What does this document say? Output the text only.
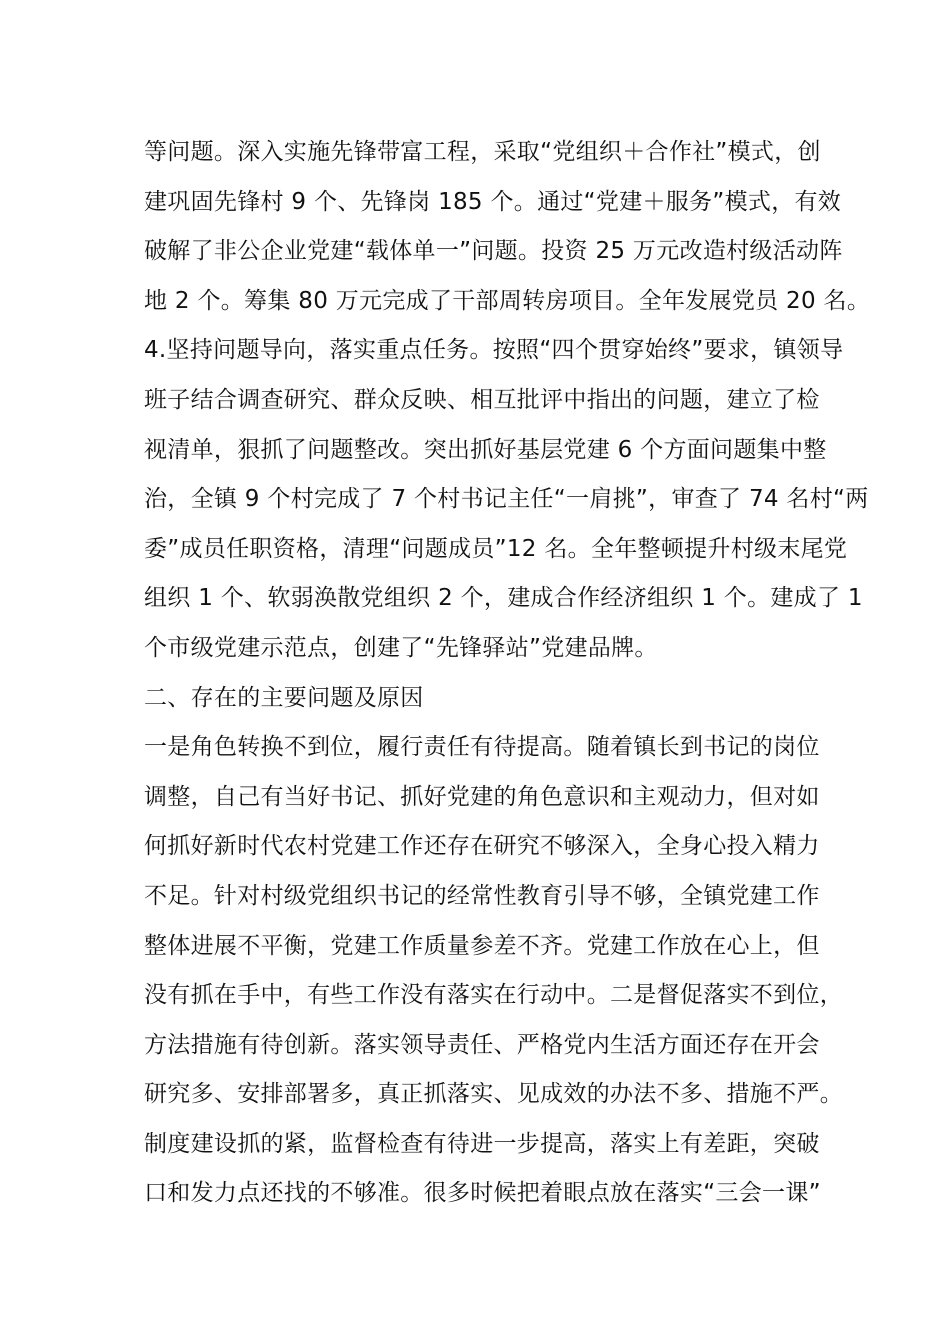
等问题。深入实施先锋带富工程，采取“党组织＋合作社”模式，创
建巩固先锋村 9 个、先锋岗 185 个。通过“党建＋服务”模式，有效
破解了非公企业党建“载体单一”问题。投资 25 万元改造村级活动阵
地 2 个。筹集 80 万元完成了干部周转房项目。全年发展党员 20 名。
4.坚持问题导向，落实重点任务。按照“四个贯穿始终”要求，镇领导
班子结合调查研究、群众反映、相互批评中指出的问题，建立了检
视清单，狠抓了问题整改。突出抓好基层党建 6 个方面问题集中整
治，全镇 9 个村完成了 7 个村书记主任“一肩挑”，审查了 74 名村“两
委”成员任职资格，清理“问题成员”12 名。全年整顿提升村级末尾党
组织 1 个、软弱涣散党组织 2 个，建成合作经济组织 1 个。建成了 1
个市级党建示范点，创建了“先锋驿站”党建品牌。
二、存在的主要问题及原因
一是角色转换不到位，履行责任有待提高。随着镇长到书记的岗位
调整，自己有当好书记、抓好党建的角色意识和主观动力，但对如
何抓好新时代农村党建工作还存在研究不够深入，全身心投入精力
不足。针对村级党组织书记的经常性教育引导不够，全镇党建工作
整体进展不平衡，党建工作质量参差不齐。党建工作放在心上，但
没有抓在手中，有些工作没有落实在行动中。二是督促落实不到位，
方法措施有待创新。落实领导责任、严格党内生活方面还存在开会
研究多、安排部署多，真正抓落实、见成效的办法不多、措施不严。
制度建设抓的紧，监督检查有待进一步提高，落实上有差距，突破
口和发力点还找的不够准。很多时候把着眼点放在落实“三会一课”
